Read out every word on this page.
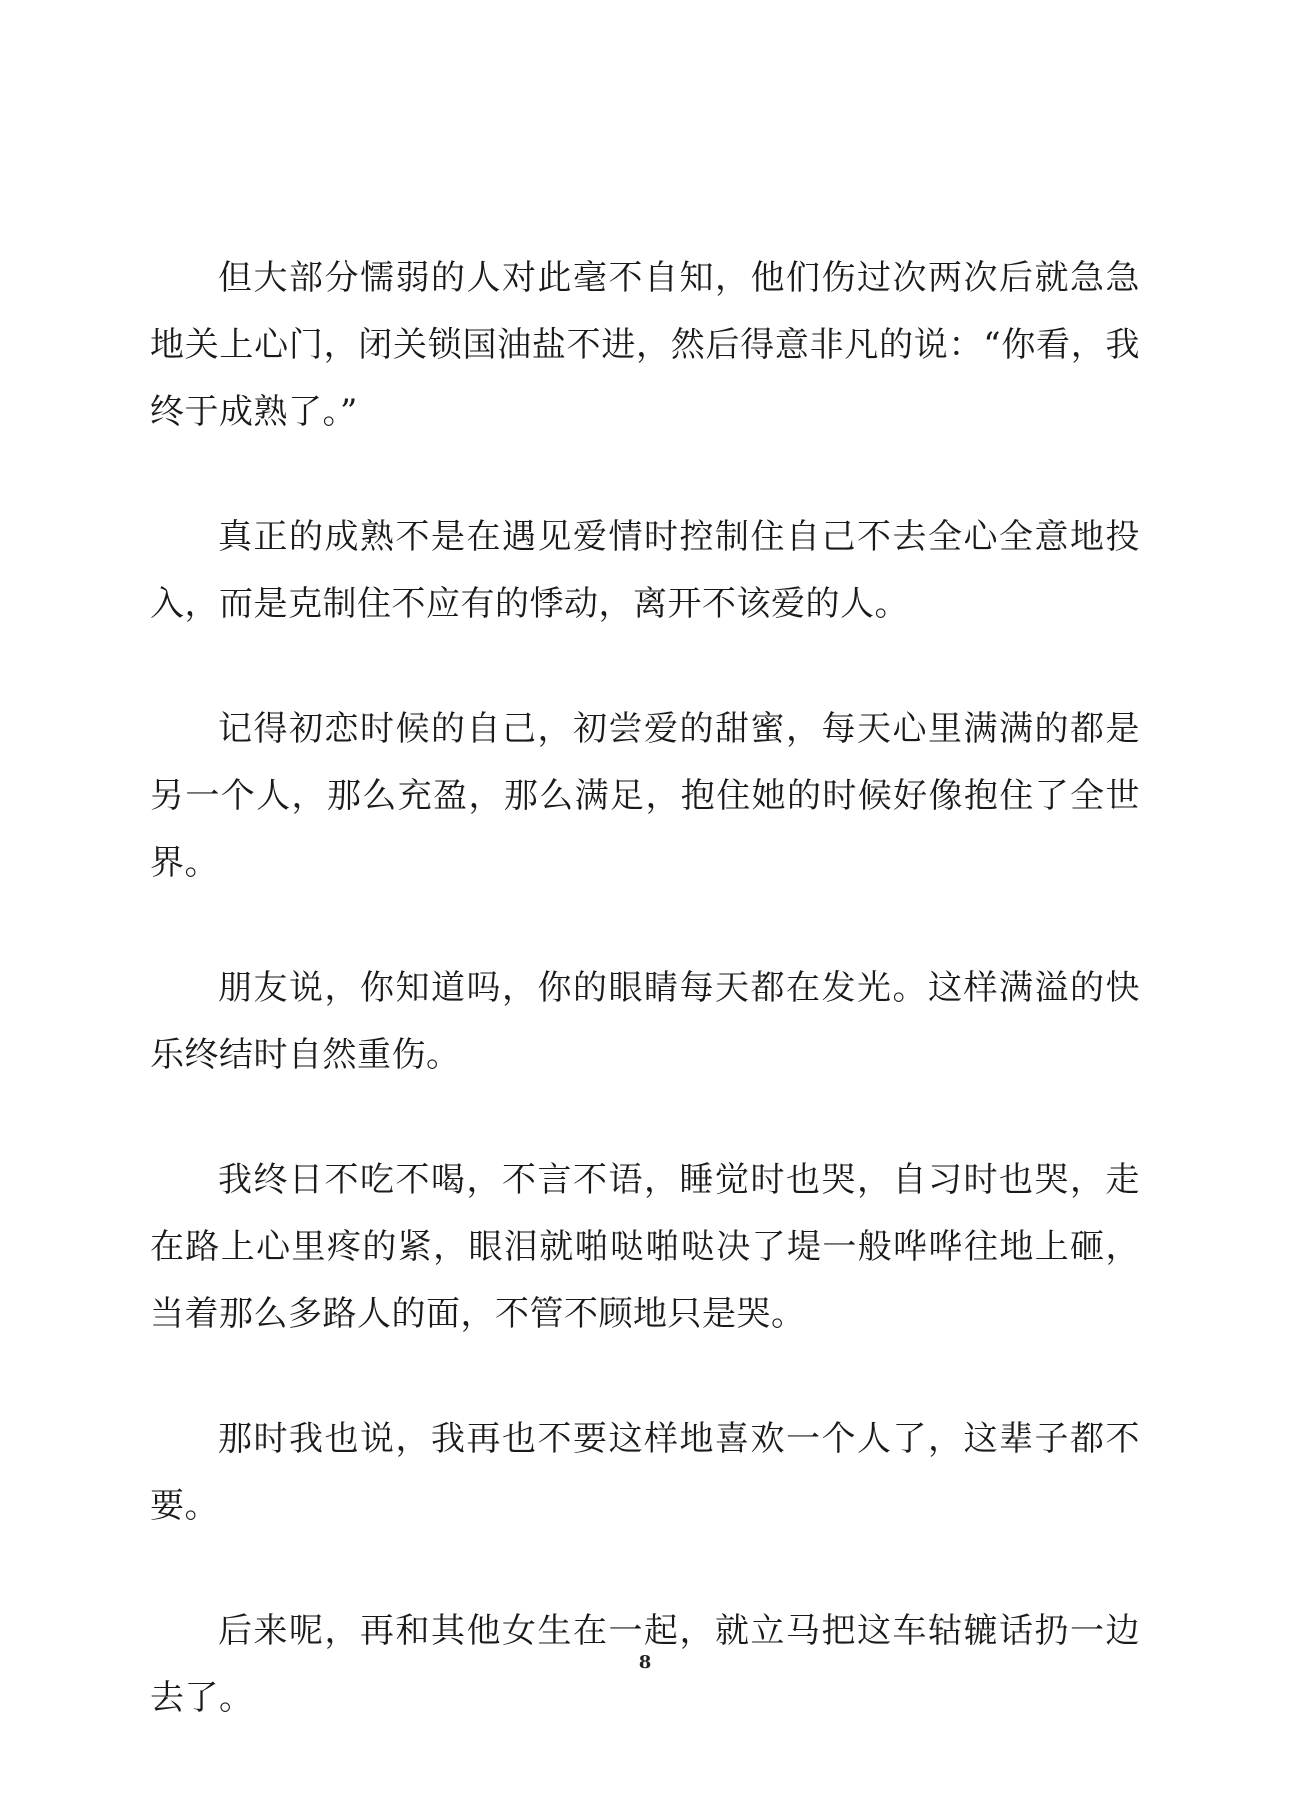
但大部分懦弱的人对此毫不自知，他们伤过次两次后就急急地关上心门，闭关锁国油盐不进，然后得意非凡的说：“你看，我终于成熟了。”

真正的成熟不是在遇见爱情时控制住自己不去全心全意地投入，而是克制住不应有的悸动，离开不该爱的人。

记得初恋时候的自己，初尝爱的甜蜜，每天心里满满的都是另一个人，那么充盈，那么满足，抱住她的时候好像抱住了全世界。

朋友说，你知道吗，你的眼睛每天都在发光。这样满溢的快乐终结时自然重伤。

我终日不吃不喝，不言不语，睡觉时也哭，自习时也哭，走在路上心里疼的紧，眼泪就啪哒啪哒决了堤一般哗哗往地上砸，当着那么多路人的面，不管不顾地只是哭。

那时我也说，我再也不要这样地喜欢一个人了，这辈子都不要。

后来呢，再和其他女生在一起，就立马把这车轱辘话扔一边去了。

8
